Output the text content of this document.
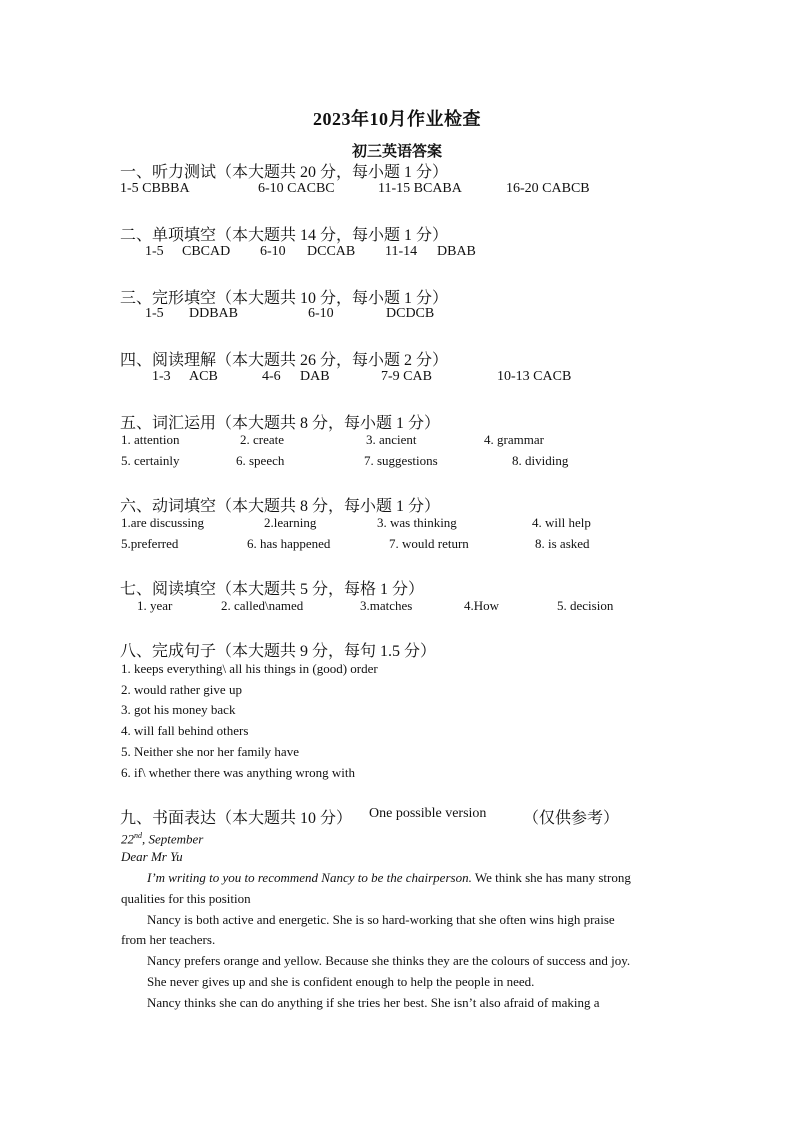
2023年10月作业检查
初三英语答案
一、听力测试（本大题共 20 分，每小题 1 分）
1-5 CBBBA	6-10 CACBC	11-15 BCABA	16-20 CABCB
二、单项填空（本大题共 14 分，每小题 1 分）
1-5 CBCAD 6-10 DCCAB 11-14 DBAB
三、完形填空（本大题共 10 分，每小题 1 分）
1-5 DDBAB	6-10	DCDCB
四、阅读理解（本大题共 26 分，每小题 2 分）
1-3 ACB	4-6 DAB	7-9 CAB	10-13 CACB
五、词汇运用（本大题共 8 分，每小题 1 分）
1. attention	2. create	3. ancient	4. grammar
5. certainly	6. speech	7. suggestions	8. dividing
六、动词填空（本大题共 8 分，每小题 1 分）
1.are discussing	2.learning	3. was thinking	4. will help
5.preferred	6. has happened	7. would return	8. is asked
七、阅读填空（本大题共 5 分，每格 1 分）
1. year	2. called\named	3.matches	4.How	5. decision
八、完成句子（本大题共 9 分，每句 1.5 分）
1. keeps everything\ all his things in (good) order
2. would rather give up
3. got his money back
4. will fall behind others
5. Neither she nor her family have
6. if\ whether there was anything wrong with
九、书面表达（本大题共 10 分） One possible version （仅供参考）
22nd, September
Dear Mr Yu
I’m writing to you to recommend Nancy to be the chairperson. We think she has many strong
qualities for this position
Nancy is both active and energetic. She is so hard-working that she often wins high praise
from her teachers.
Nancy prefers orange and yellow. Because she thinks they are the colours of success and joy.
She never gives up and she is confident enough to help the people in need.
Nancy thinks she can do anything if she tries her best. She isn’t also afraid of making a
